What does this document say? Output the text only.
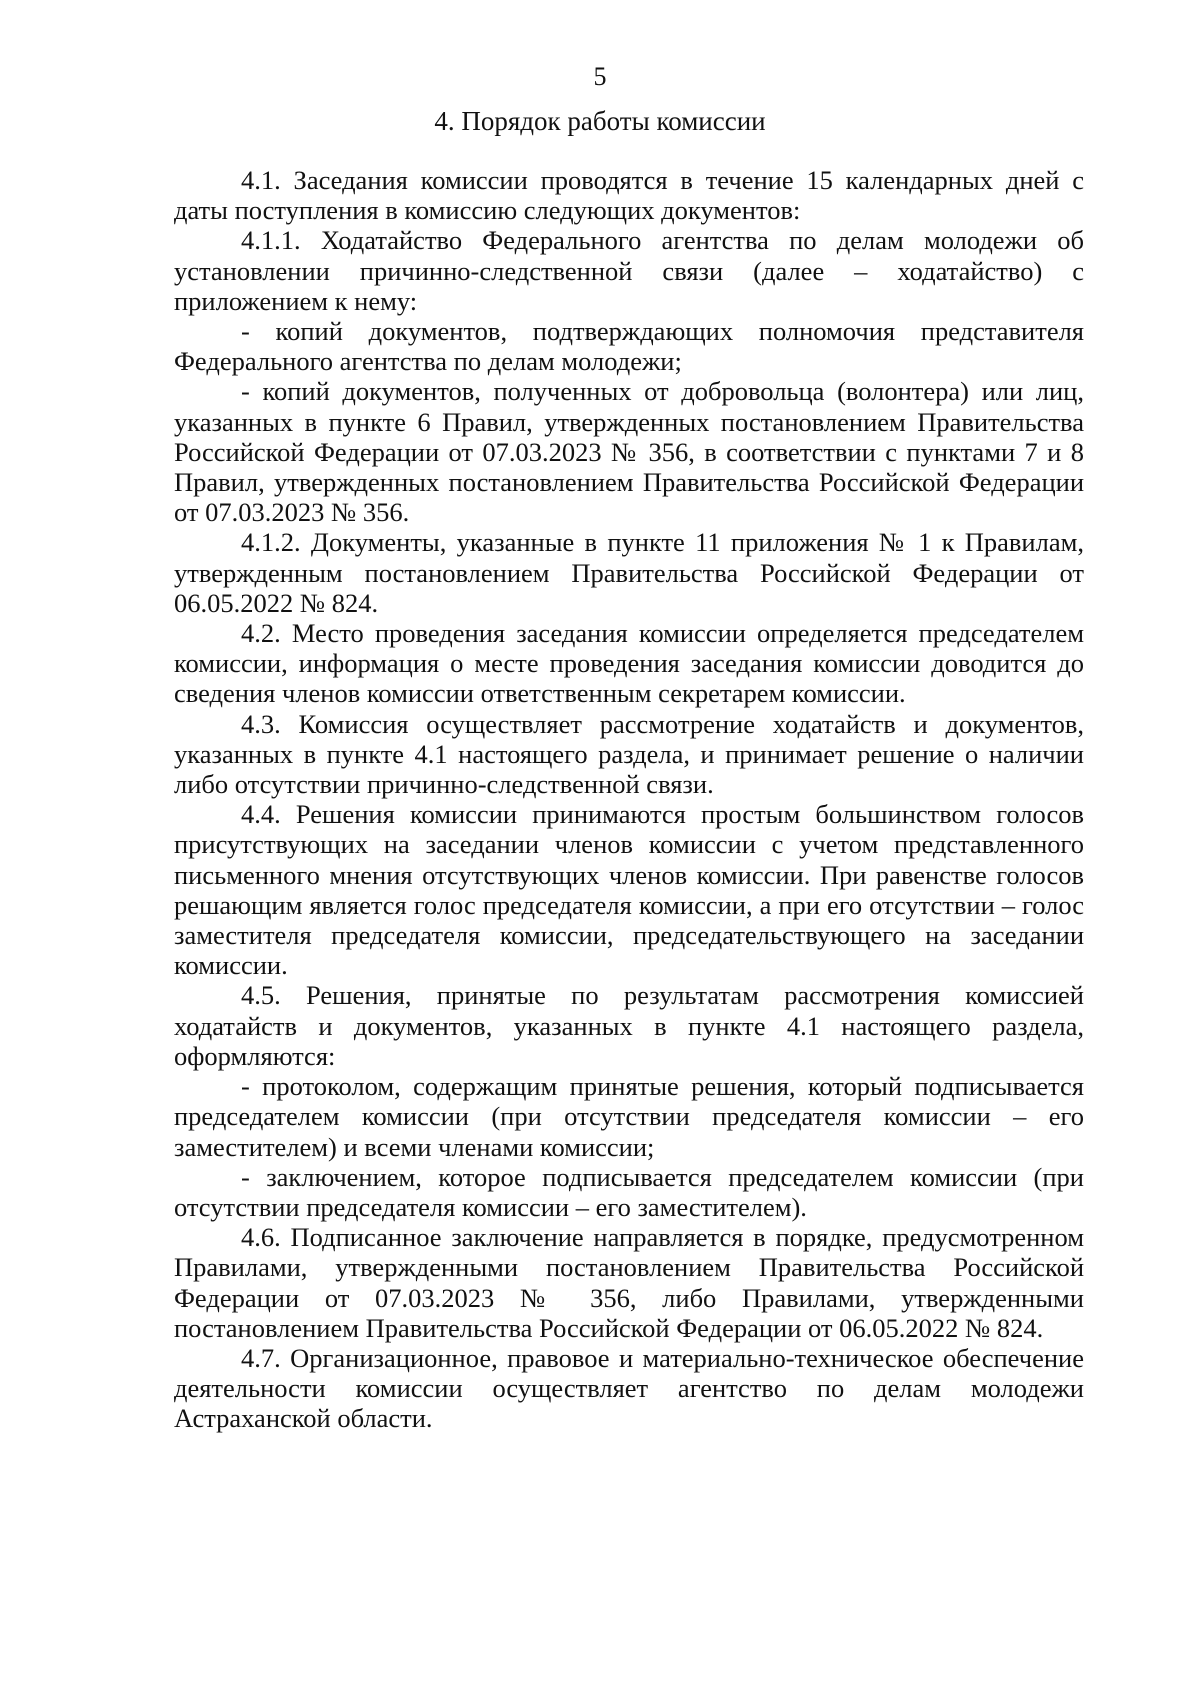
5
4. Порядок работы комиссии

4.1. Заседания комиссии проводятся в течение 15 календарных дней с даты поступления в комиссию следующих документов:

4.1.1. Ходатайство Федерального агентства по делам молодежи об установлении причинно-следственной связи (далее – ходатайство) с приложением к нему:

- копий документов, подтверждающих полномочия представителя Федерального агентства по делам молодежи;

- копий документов, полученных от добровольца (волонтера) или лиц, указанных в пункте 6 Правил, утвержденных постановлением Правительства Российской Федерации от 07.03.2023 № 356, в соответствии с пунктами 7 и 8 Правил, утвержденных постановлением Правительства Российской Федерации от 07.03.2023 № 356.

4.1.2. Документы, указанные в пункте 11 приложения № 1 к Правилам, утвержденным постановлением Правительства Российской Федерации от 06.05.2022 № 824.

4.2. Место проведения заседания комиссии определяется председателем комиссии, информация о месте проведения заседания комиссии доводится до сведения членов комиссии ответственным секретарем комиссии.

4.3. Комиссия осуществляет рассмотрение ходатайств и документов, указанных в пункте 4.1 настоящего раздела, и принимает решение о наличии либо отсутствии причинно-следственной связи.

4.4. Решения комиссии принимаются простым большинством голосов присутствующих на заседании членов комиссии с учетом представленного письменного мнения отсутствующих членов комиссии. При равенстве голосов решающим является голос председателя комиссии, а при его отсутствии – голос заместителя председателя комиссии, председательствующего на заседании комиссии.

4.5. Решения, принятые по результатам рассмотрения комиссией ходатайств и документов, указанных в пункте 4.1 настоящего раздела, оформляются:

- протоколом, содержащим принятые решения, который подписывается председателем комиссии (при отсутствии председателя комиссии – его заместителем) и всеми членами комиссии;

- заключением, которое подписывается председателем комиссии (при отсутствии председателя комиссии – его заместителем).

4.6. Подписанное заключение направляется в порядке, предусмотренном Правилами, утвержденными постановлением Правительства Российской Федерации от 07.03.2023 № 356, либо Правилами, утвержденными постановлением Правительства Российской Федерации от 06.05.2022 № 824.

4.7. Организационное, правовое и материально-техническое обеспечение деятельности комиссии осуществляет агентство по делам молодежи Астраханской области.
